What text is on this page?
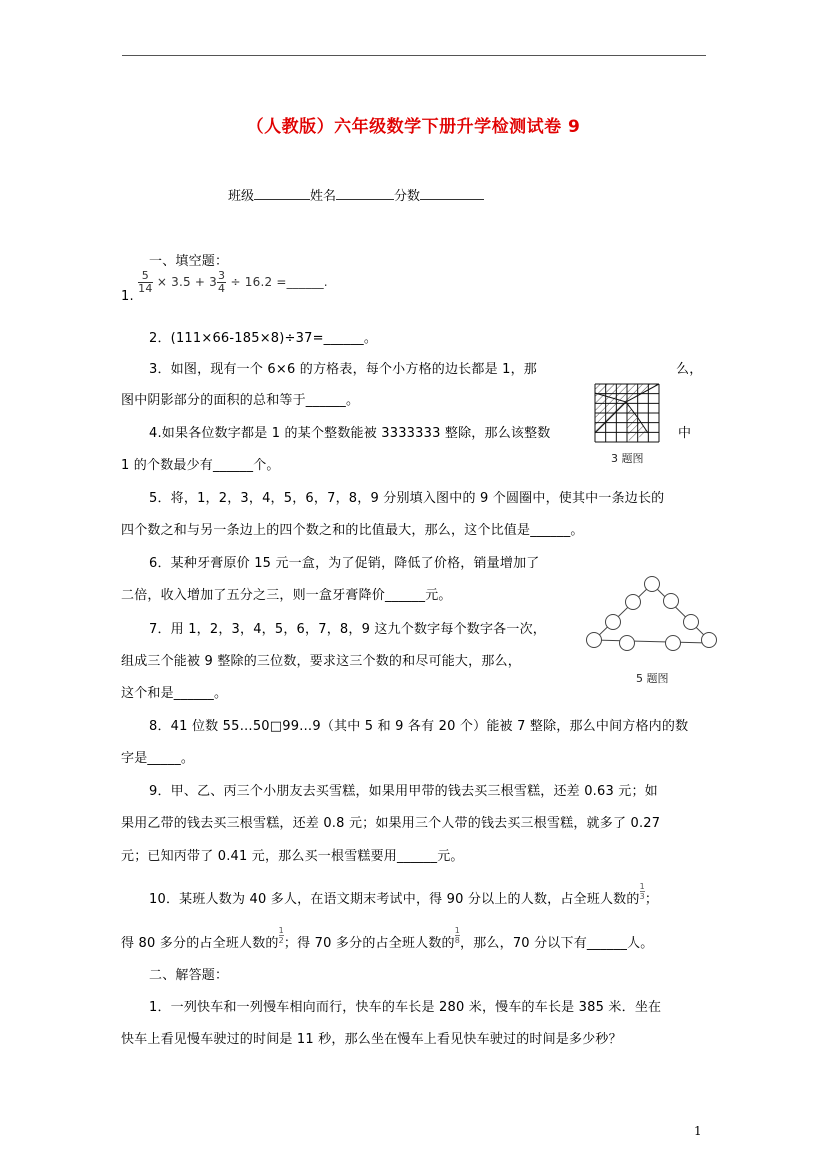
（人教版）六年级数学下册升学检测试卷 9
班级	姓名	分数
一、填空题：
1.
$\frac{5}{14} \times 3.5 + 3 \frac{3}{4} \div 16.2$ =______.
2．(111×66-185×8)÷37=______。
3．如图，现有一个 6×6 的方格表，每个小方格的边长都是 1，那	么，
图中阴影部分的面积的总和等于______。
4.如果各位数字都是 1 的某个整数能被 3333333 整除，那么该整数	中
1 的个数最少有______个。	3 题图
5．将，1，2，3，4，5，6，7，8，9 分别填入图中的 9 个圆圈中，使其中一条边长的
四个数之和与另一条边上的四个数之和的比值最大，那么，这个比值是______。
6．某种牙膏原价 15 元一盒，为了促销，降低了价格，销量增加了
二倍，收入增加了五分之三，则一盒牙膏降价______元。
5 题图
7．用 1，2，3，4，5，6，7，8，9 这九个数字每个数字各一次，
组成三个能被 9 整除的三位数，要求这三个数的和尽可能大，那么，
这个和是______。
8．41 位数 55…50□99…9（其中 5 和 9 各有 20 个）能被 7 整除，那么中间方格内的数
字是_____。
9．甲、乙、丙三个小朋友去买雪糕，如果用甲带的钱去买三根雪糕，还差 0.63 元；如
果用乙带的钱去买三根雪糕，还差 0.8 元；如果用三个人带的钱去买三根雪糕，就多了 0.27
元；已知丙带了 0.41 元，那么买一根雪糕要用______元。
10．某班人数为 40 多人，在语文期末考试中，得 90 分以上的人数，占全班人数的 $\frac{1}{3}$；
得 80 多分的占全班人数的 $\frac{1}{2}$；得 70 多分的占全班人数的 $\frac{1}{8}$，那么，70 分以下有______人。
二、解答题：
1．一列快车和一列慢车相向而行，快车的车长是 280 米，慢车的车长是 385 米．坐在
快车上看见慢车驶过的时间是 11 秒，那么坐在慢车上看见快车驶过的时间是多少秒？
1
